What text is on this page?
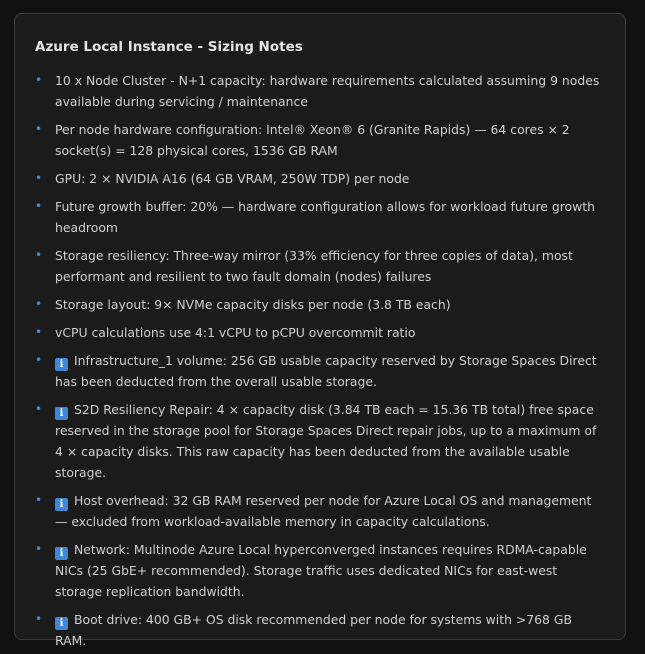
Azure Local Instance - Sizing Notes
• 10 x Node Cluster - N+1 capacity: hardware requirements calculated assuming 9 nodes available during servicing / maintenance
• Per node hardware configuration: Intel® Xeon® 6 (Granite Rapids) — 64 cores × 2 socket(s) = 128 physical cores, 1536 GB RAM
• GPU: 2 × NVIDIA A16 (64 GB VRAM, 250W TDP) per node
• Future growth buffer: 20% — hardware configuration allows for workload future growth headroom
• Storage resiliency: Three-way mirror (33% efficiency for three copies of data), most performant and resilient to two fault domain (nodes) failures
• Storage layout: 9× NVMe capacity disks per node (3.8 TB each)
• vCPU calculations use 4:1 vCPU to pCPU overcommit ratio
• i Infrastructure_1 volume: 256 GB usable capacity reserved by Storage Spaces Direct has been deducted from the overall usable storage.
• i S2D Resiliency Repair: 4 × capacity disk (3.84 TB each = 15.36 TB total) free space reserved in the storage pool for Storage Spaces Direct repair jobs, up to a maximum of 4 × capacity disks. This raw capacity has been deducted from the available usable storage.
• i Host overhead: 32 GB RAM reserved per node for Azure Local OS and management — excluded from workload-available memory in capacity calculations.
• i Network: Multinode Azure Local hyperconverged instances requires RDMA-capable NICs (25 GbE+ recommended). Storage traffic uses dedicated NICs for east-west storage replication bandwidth.
• i Boot drive: 400 GB+ OS disk recommended per node for systems with >768 GB RAM.
